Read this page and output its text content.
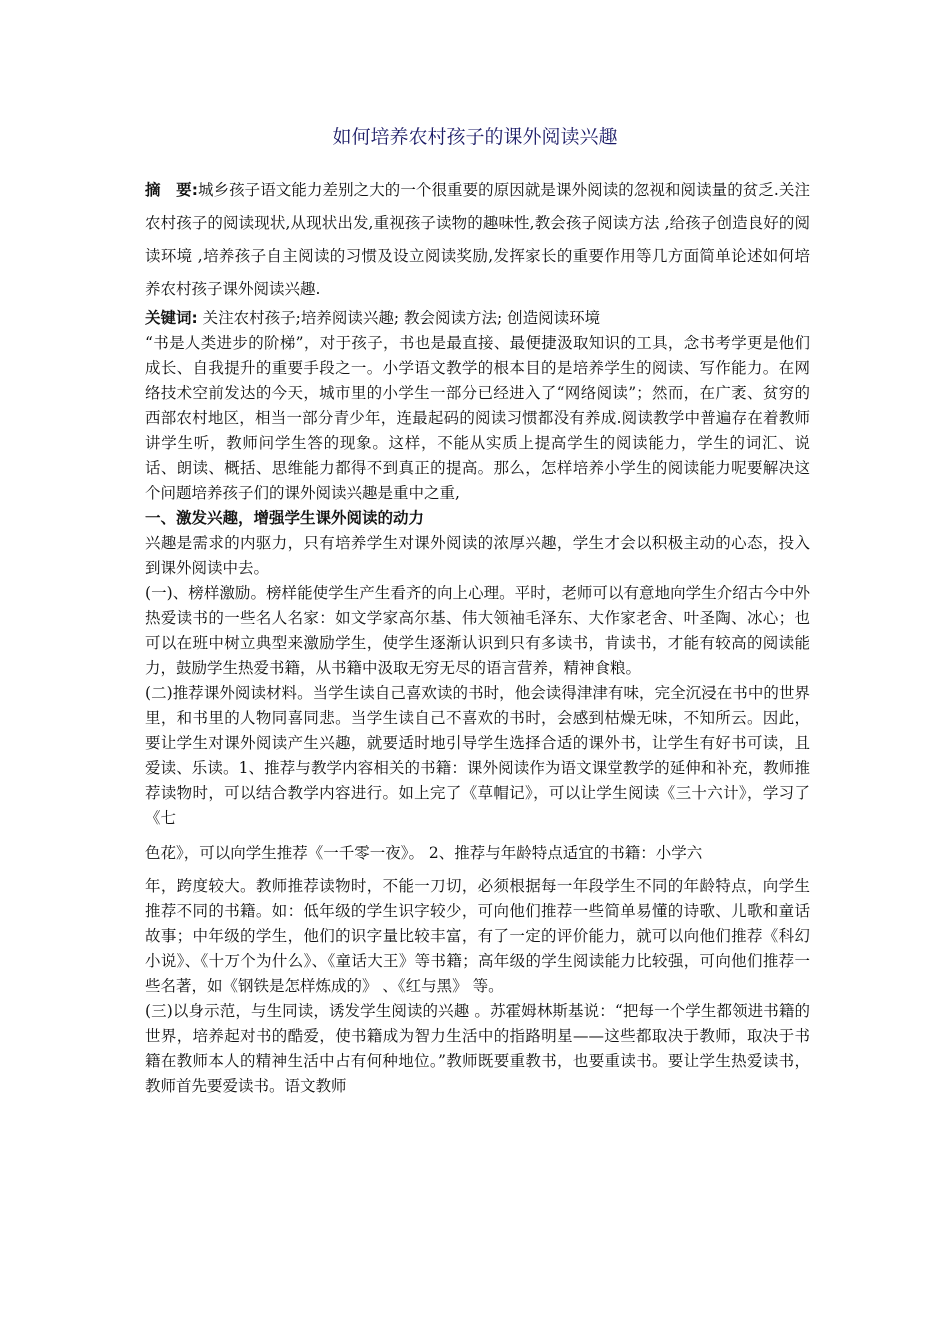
如何培养农村孩子的课外阅读兴趣

摘　要:城乡孩子语文能力差别之大的一个很重要的原因就是课外阅读的忽视和阅读量的贫乏.关注农村孩子的阅读现状,从现状出发,重视孩子读物的趣味性,教会孩子阅读方法 ,给孩子创造良好的阅读环境 ,培养孩子自主阅读的习惯及设立阅读奖励,发挥家长的重要作用等几方面简单论述如何培养农村孩子课外阅读兴趣.

关键词: 关注农村孩子;培养阅读兴趣; 教会阅读方法; 创造阅读环境

“书是人类进步的阶梯”，对于孩子，书也是最直接、最便捷汲取知识的工具，念书考学更是他们成长、自我提升的重要手段之一。小学语文教学的根本目的是培养学生的阅读、写作能力。在网络技术空前发达的今天，城市里的小学生一部分已经进入了“网络阅读”；然而，在广袤、贫穷的西部农村地区，相当一部分青少年，连最起码的阅读习惯都没有养成.阅读教学中普遍存在着教师讲学生听，教师问学生答的现象。这样，不能从实质上提高学生的阅读能力，学生的词汇、说话、朗读、概括、思维能力都得不到真正的提高。那么，怎样培养小学生的阅读能力呢要解决这个问题培养孩子们的课外阅读兴趣是重中之重,

一、激发兴趣，增强学生课外阅读的动力

兴趣是需求的内驱力，只有培养学生对课外阅读的浓厚兴趣，学生才会以积极主动的心态，投入到课外阅读中去。

(一)、榜样激励。榜样能使学生产生看齐的向上心理。平时，老师可以有意地向学生介绍古今中外热爱读书的一些名人名家：如文学家高尔基、伟大领袖毛泽东、大作家老舍、叶圣陶、冰心；也可以在班中树立典型来激励学生，使学生逐渐认识到只有多读书，肯读书，才能有较高的阅读能力，鼓励学生热爱书籍，从书籍中汲取无穷无尽的语言营养，精神食粮。

(二)推荐课外阅读材料。当学生读自己喜欢读的书时，他会读得津津有味，完全沉浸在书中的世界里，和书里的人物同喜同悲。当学生读自己不喜欢的书时，会感到枯燥无味，不知所云。因此，要让学生对课外阅读产生兴趣，就要适时地引导学生选择合适的课外书，让学生有好书可读，且爱读、乐读。1、推荐与教学内容相关的书籍：课外阅读作为语文课堂教学的延伸和补充，教师推荐读物时，可以结合教学内容进行。如上完了《草帽记》，可以让学生阅读《三十六计》，学习了《七

色花》，可以向学生推荐《一千零一夜》。 2、推荐与年龄特点适宜的书籍：小学六

年，跨度较大。教师推荐读物时，不能一刀切，必须根据每一年段学生不同的年龄特点，向学生推荐不同的书籍。如：低年级的学生识字较少，可向他们推荐一些简单易懂的诗歌、儿歌和童话故事；中年级的学生，他们的识字量比较丰富，有了一定的评价能力，就可以向他们推荐《科幻小说》、《十万个为什么》、《童话大王》等书籍；高年级的学生阅读能力比较强，可向他们推荐一些名著，如《钢铁是怎样炼成的》 、《红与黑》 等。

(三)以身示范，与生同读，诱发学生阅读的兴趣 。苏霍姆林斯基说：“把每一个学生都领进书籍的世界，培养起对书的酷爱，使书籍成为智力生活中的指路明星——这些都取决于教师，取决于书籍在教师本人的精神生活中占有何种地位。”教师既要重教书，也要重读书。要让学生热爱读书，教师首先要爱读书。语文教师
